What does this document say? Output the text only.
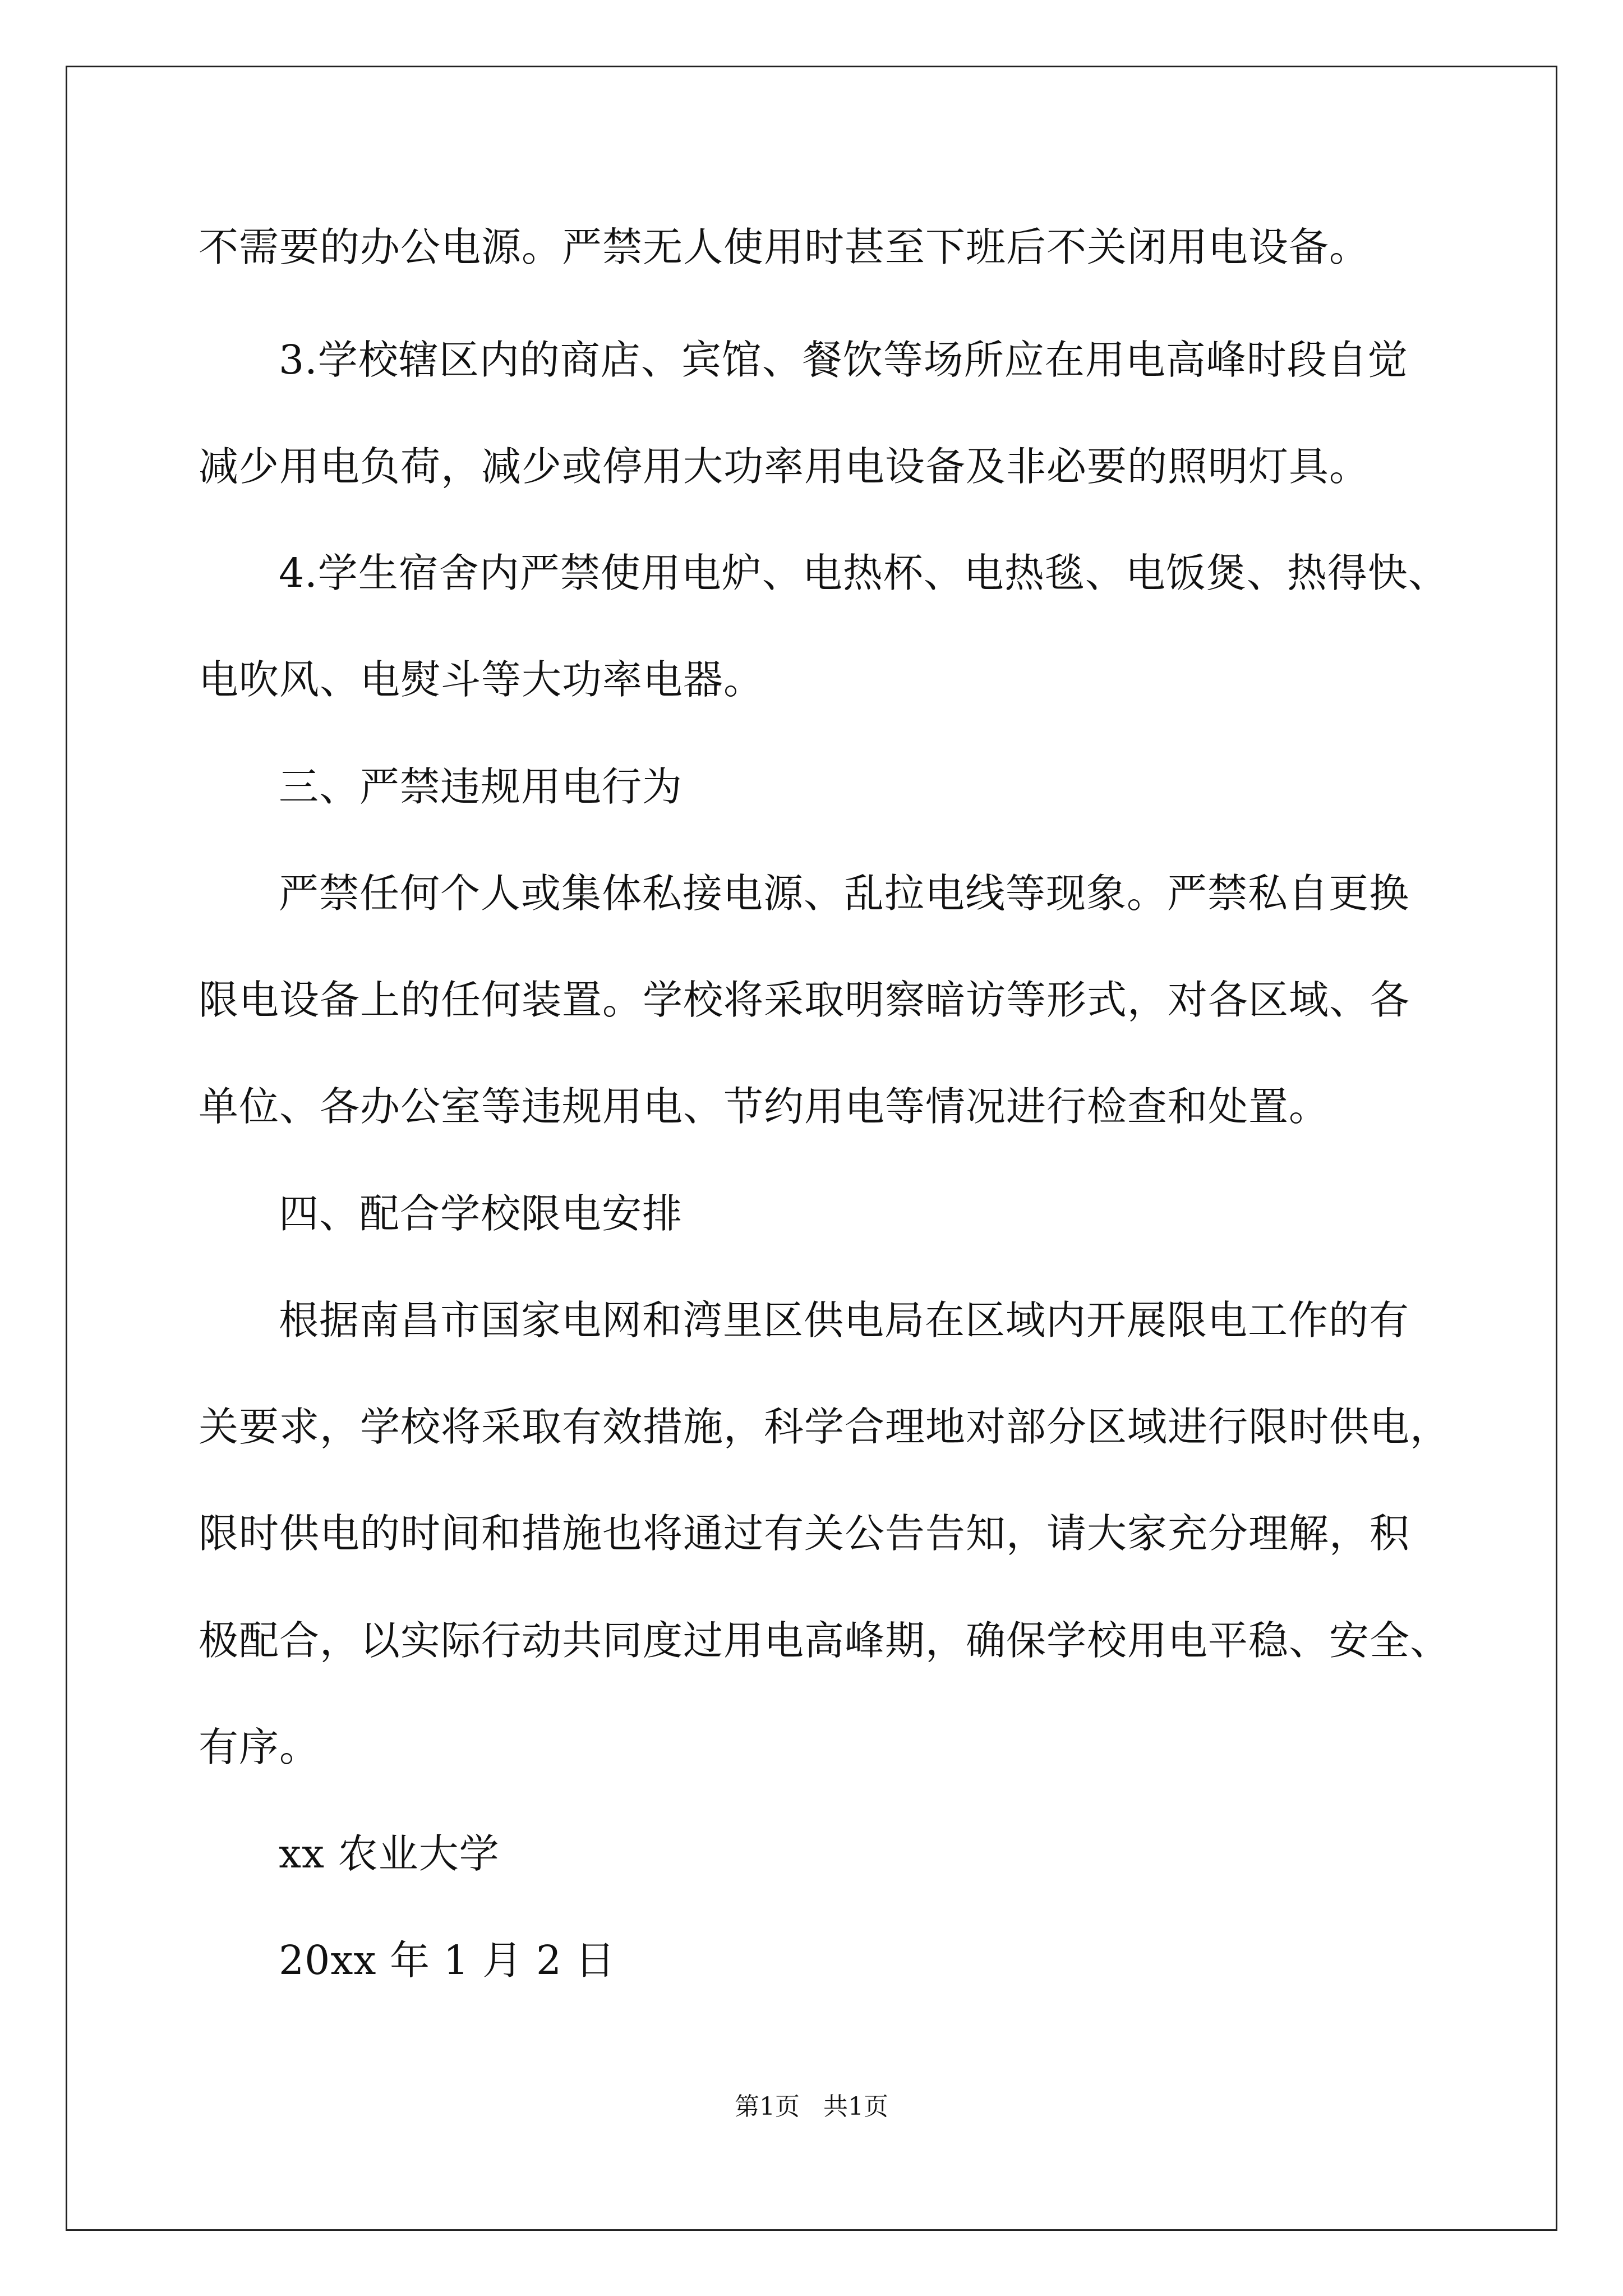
不需要的办公电源。严禁无人使用时甚至下班后不关闭用电设备。
3.学校辖区内的商店、宾馆、餐饮等场所应在用电高峰时段自觉
减少用电负荷，减少或停用大功率用电设备及非必要的照明灯具。
4.学生宿舍内严禁使用电炉、电热杯、电热毯、电饭煲、热得快、
电吹风、电熨斗等大功率电器。
三、严禁违规用电行为
严禁任何个人或集体私接电源、乱拉电线等现象。严禁私自更换
限电设备上的任何装置。学校将采取明察暗访等形式，对各区域、各
单位、各办公室等违规用电、节约用电等情况进行检查和处置。
四、配合学校限电安排
根据南昌市国家电网和湾里区供电局在区域内开展限电工作的有
关要求，学校将采取有效措施，科学合理地对部分区域进行限时供电，
限时供电的时间和措施也将通过有关公告告知，请大家充分理解，积
极配合，以实际行动共同度过用电高峰期，确保学校用电平稳、安全、
有序。
xx 农业大学
20xx 年 1 月 2 日
第1页   共1页
